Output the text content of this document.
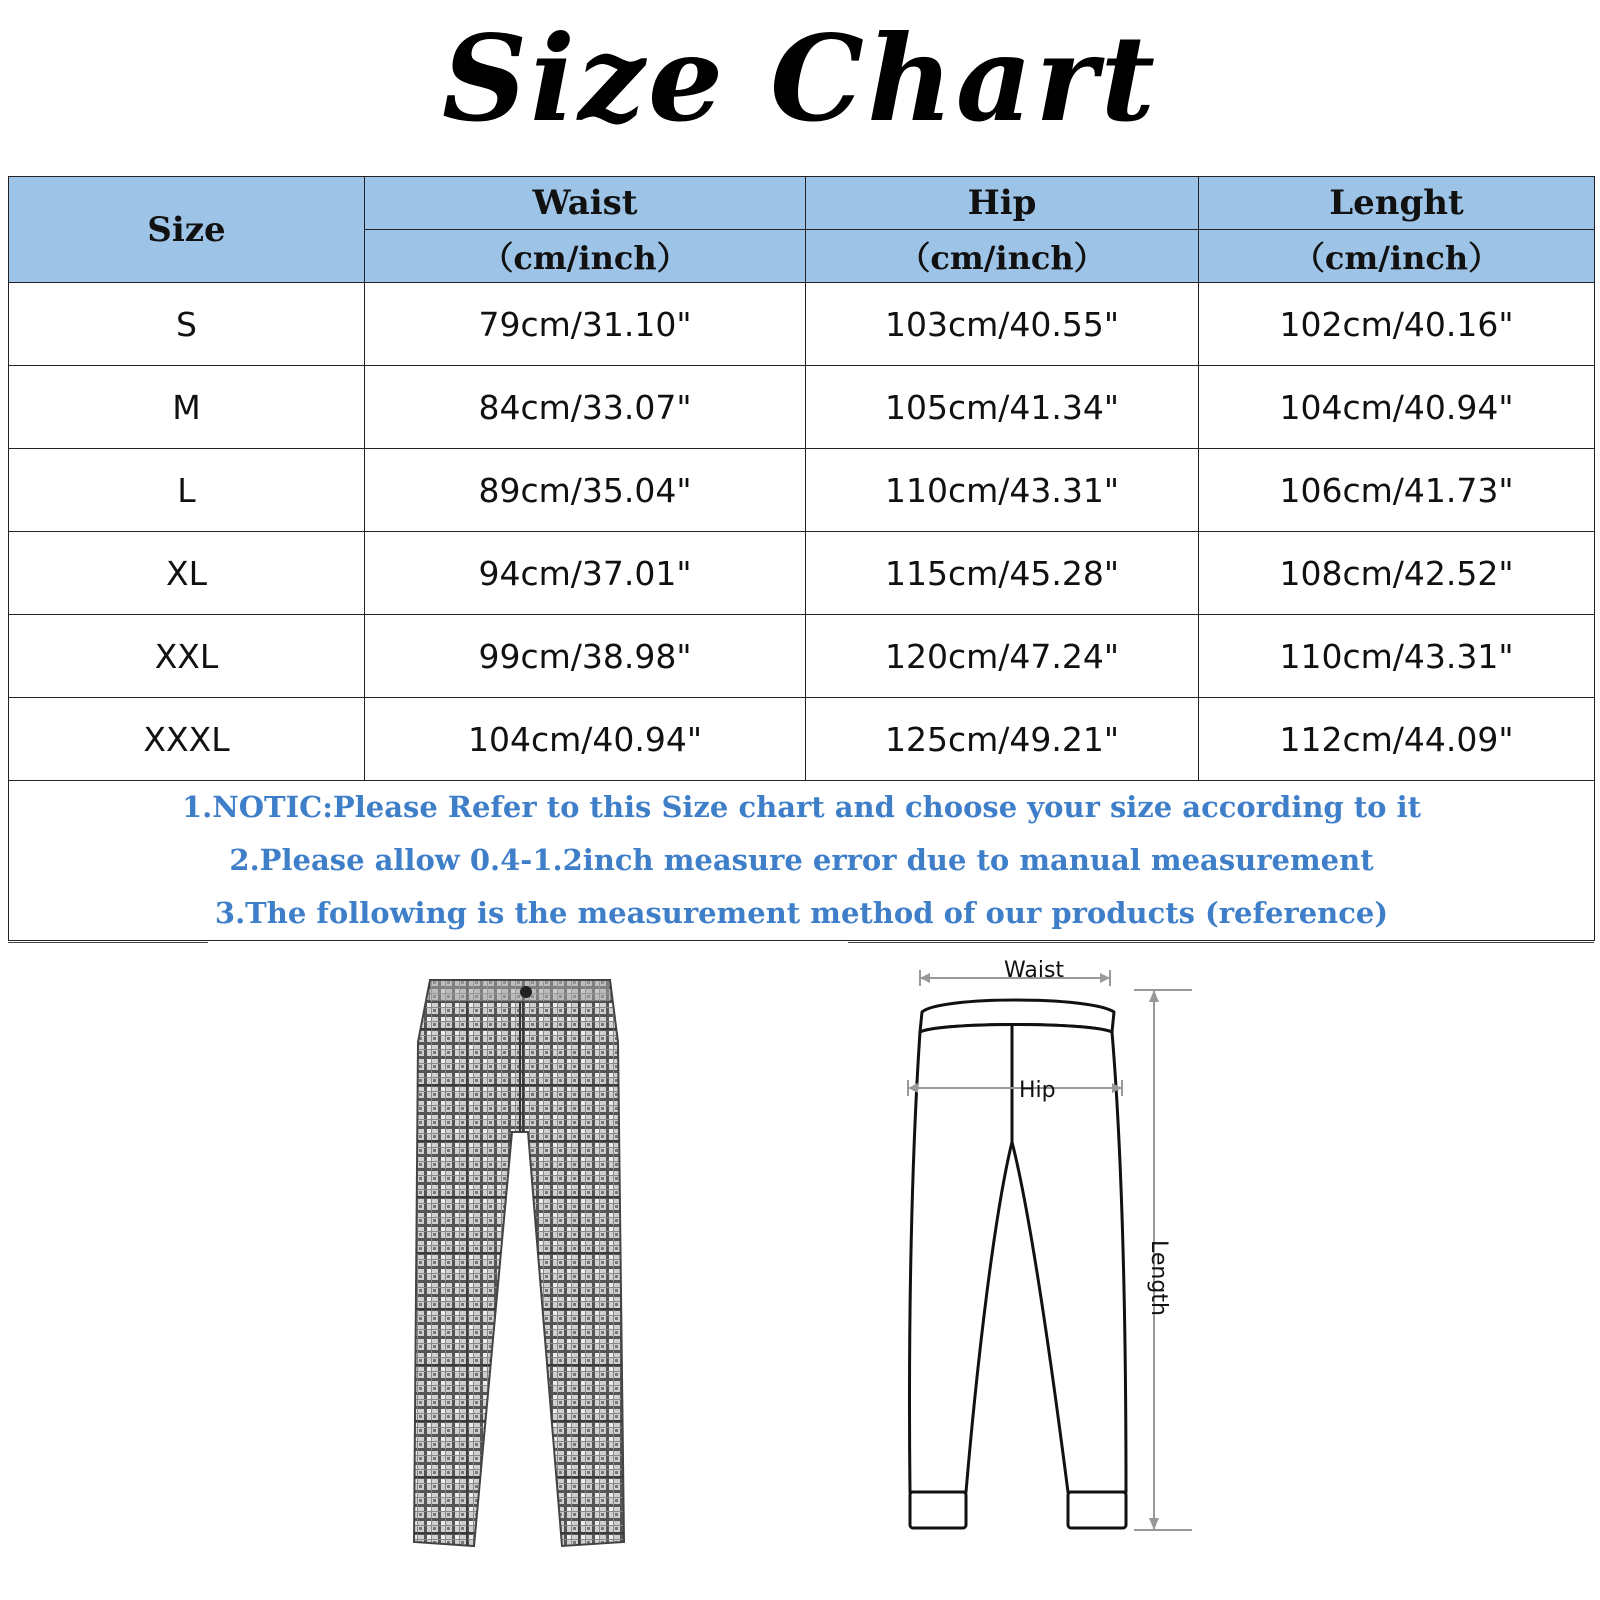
Size Chart
Size	Waist	Hip	Lenght
	（cm/inch）	（cm/inch）	（cm/inch）
S	79cm/31.10"	103cm/40.55"	102cm/40.16"
M	84cm/33.07"	105cm/41.34"	104cm/40.94"
L	89cm/35.04"	110cm/43.31"	106cm/41.73"
XL	94cm/37.01"	115cm/45.28"	108cm/42.52"
XXL	99cm/38.98"	120cm/47.24"	110cm/43.31"
XXXL	104cm/40.94"	125cm/49.21"	112cm/44.09"

1.NOTIC:Please Refer to this Size chart and choose your size according to it
2.Please allow 0.4-1.2inch measure error due to manual measurement
3.The following is the measurement method of our products (reference)			
Waist
Hip
Length
